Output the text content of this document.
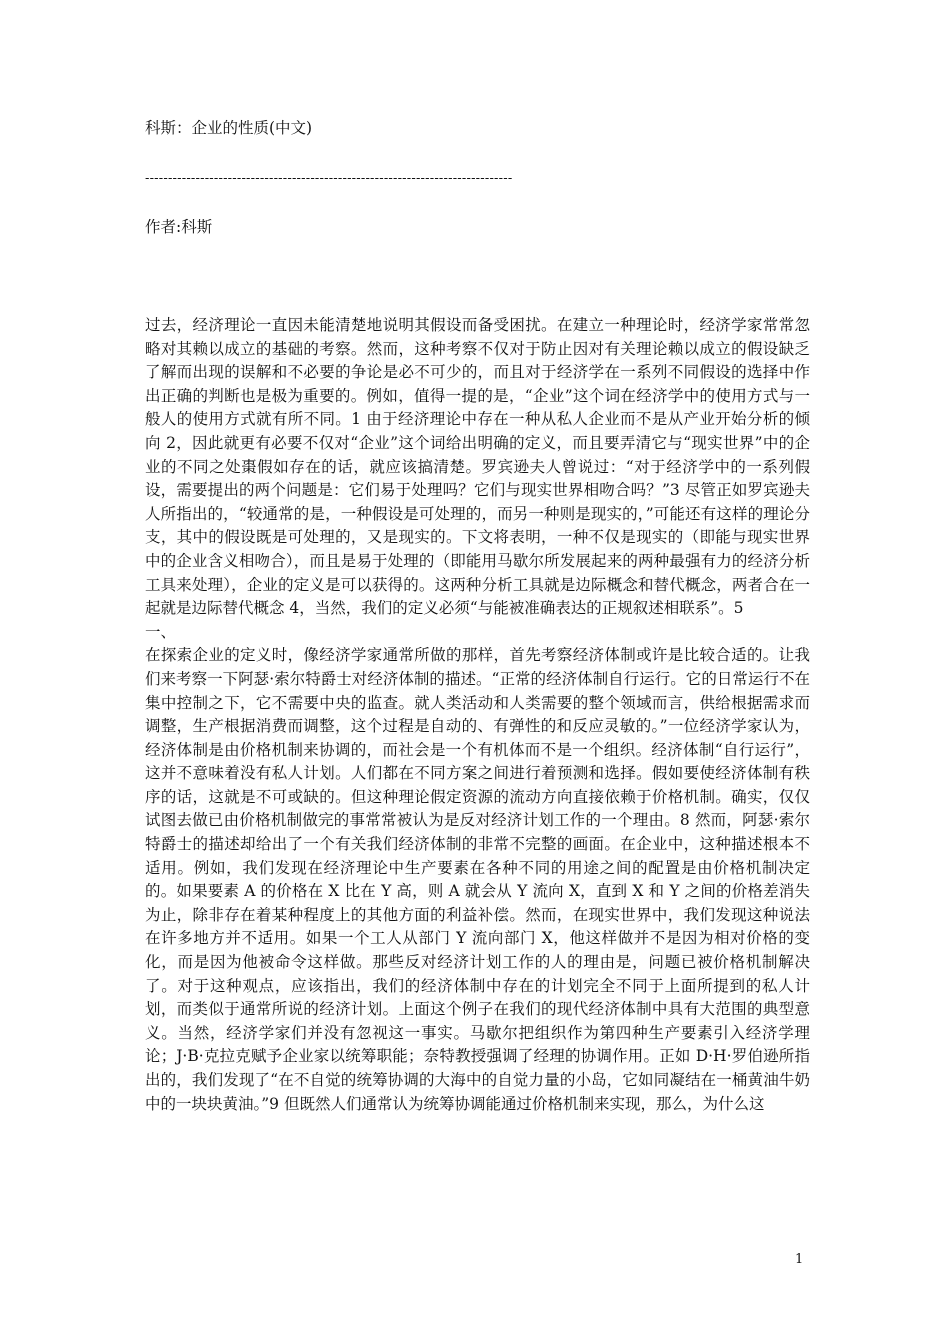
科斯：企业的性质(中文)
--------------------------------------------------------------------------------
作者:科斯

过去，经济理论一直因未能清楚地说明其假设而备受困扰。在建立一种理论时，经济学家常常忽略对其赖以成立的基础的考察。然而，这种考察不仅对于防止因对有关理论赖以成立的假设缺乏了解而出现的误解和不必要的争论是必不可少的，而且对于经济学在一系列不同假设的选择中作出正确的判断也是极为重要的。例如，值得一提的是，“企业”这个词在经济学中的使用方式与一般人的使用方式就有所不同。1 由于经济理论中存在一种从私人企业而不是从产业开始分析的倾向 2，因此就更有必要不仅对“企业”这个词给出明确的定义，而且要弄清它与“现实世界”中的企业的不同之处棗假如存在的话，就应该搞清楚。罗宾逊夫人曾说过：“对于经济学中的一系列假设，需要提出的两个问题是：它们易于处理吗？它们与现实世界相吻合吗？”3 尽管正如罗宾逊夫人所指出的，“较通常的是，一种假设是可处理的，而另一种则是现实的，”可能还有这样的理论分支，其中的假设既是可处理的，又是现实的。下文将表明，一种不仅是现实的（即能与现实世界中的企业含义相吻合），而且是易于处理的（即能用马歇尔所发展起来的两种最强有力的经济分析工具来处理），企业的定义是可以获得的。这两种分析工具就是边际概念和替代概念，两者合在一起就是边际替代概念 4，当然，我们的定义必须“与能被准确表达的正规叙述相联系”。5

一、

在探索企业的定义时，像经济学家通常所做的那样，首先考察经济体制或许是比较合适的。让我们来考察一下阿瑟·索尔特爵士对经济体制的描述。“正常的经济体制自行运行。它的日常运行不在集中控制之下，它不需要中央的监查。就人类活动和人类需要的整个领域而言，供给根据需求而调整，生产根据消费而调整，这个过程是自动的、有弹性的和反应灵敏的。”一位经济学家认为，经济体制是由价格机制来协调的，而社会是一个有机体而不是一个组织。经济体制“自行运行”，这并不意味着没有私人计划。人们都在不同方案之间进行着预测和选择。假如要使经济体制有秩序的话，这就是不可或缺的。但这种理论假定资源的流动方向直接依赖于价格机制。确实，仅仅试图去做已由价格机制做完的事常常被认为是反对经济计划工作的一个理由。8 然而，阿瑟·索尔特爵士的描述却给出了一个有关我们经济体制的非常不完整的画面。在企业中，这种描述根本不适用。例如，我们发现在经济理论中生产要素在各种不同的用途之间的配置是由价格机制决定的。如果要素 A 的价格在 X 比在 Y 高，则 A 就会从 Y 流向 X，直到 X 和 Y 之间的价格差消失为止，除非存在着某种程度上的其他方面的利益补偿。然而，在现实世界中，我们发现这种说法在许多地方并不适用。如果一个工人从部门 Y 流向部门 X，他这样做并不是因为相对价格的变化，而是因为他被命令这样做。那些反对经济计划工作的人的理由是，问题已被价格机制解决了。对于这种观点，应该指出，我们的经济体制中存在的计划完全不同于上面所提到的私人计划，而类似于通常所说的经济计划。上面这个例子在我们的现代经济体制中具有大范围的典型意义。当然，经济学家们并没有忽视这一事实。马歇尔把组织作为第四种生产要素引入经济学理论；J·B·克拉克赋予企业家以统筹职能；奈特教授强调了经理的协调作用。正如 D·H·罗伯逊所指出的，我们发现了“在不自觉的统筹协调的大海中的自觉力量的小岛，它如同凝结在一桶黄油牛奶中的一块块黄油。”9 但既然人们通常认为统筹协调能通过价格机制来实现，那么，为什么这

1
